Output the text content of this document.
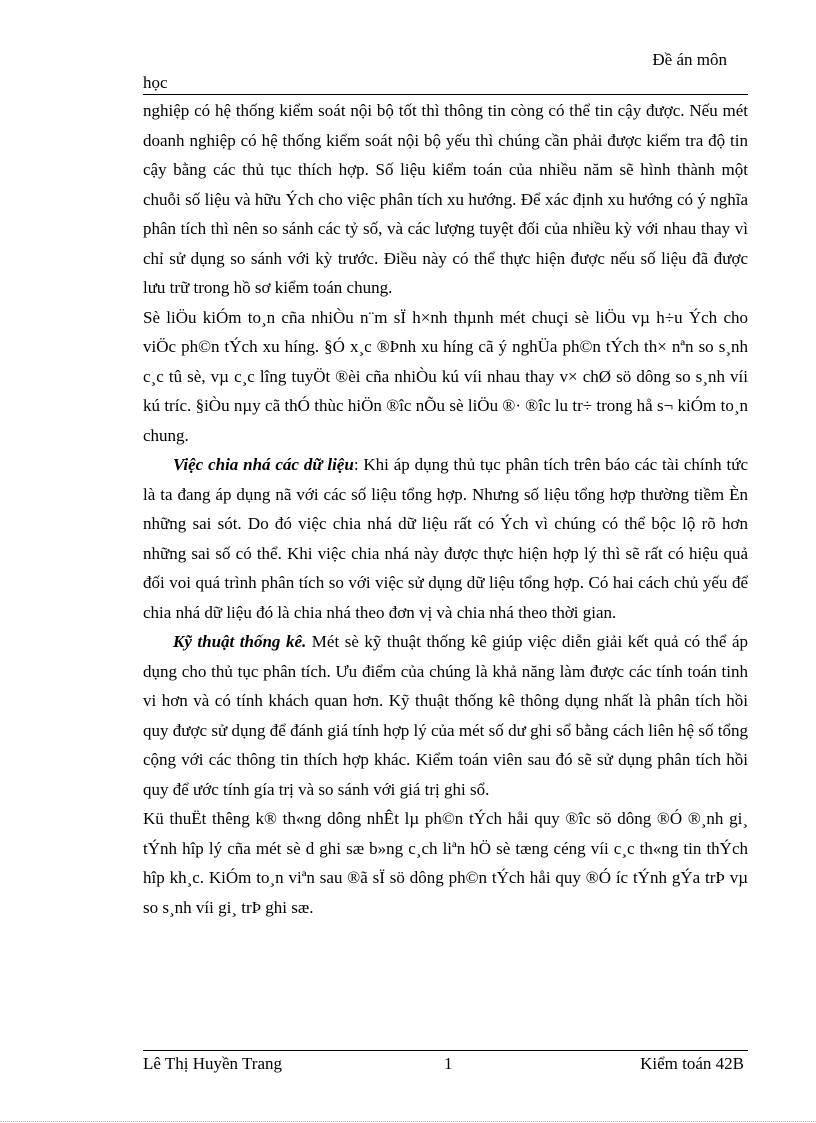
Đề án môn
học

nghiệp có hệ thống kiểm soát nội bộ tốt thì thông tin còng có thể tin cậy được. Nếu mét doanh nghiệp có hệ thống kiểm soát nội bộ yếu thì chúng cần phải được kiểm tra độ tin cậy bằng các thủ tục thích hợp. Số liệu kiểm toán của nhiều năm sẽ hình thành một chuỗi số liệu và hữu Ých cho việc phân tích xu hướng. Để xác định xu hướng có ý nghĩa phân tích thì nên so sánh các tỷ số, và các lượng tuyệt đối của nhiều kỳ với nhau thay vì chỉ sử dụng so sánh với kỳ trước. Điều này có thể thực hiện được nếu số liệu đã được lưu trữ trong hồ sơ kiểm toán chung.

Sè liÖu kiÓm to¸n cña nhiÒu n¨m sÏ h×nh thµnh mét chuçi sè liÖu vµ h÷u Ých cho viÖc ph©n tÝch xu híng. §Ó x¸c ®Þnh xu híng cã ý nghÜa ph©n tÝch th× nªn so s¸nh c¸c tû sè, vµ c¸c lîng tuyÖt ®èi cña nhiÒu kú víi nhau thay v× chØ sö dông so s¸nh víi kú tríc. §iÒu nµy cã thÓ thùc hiÖn ®îc nÕu sè liÖu ®· ®îc lu tr÷ trong hå s¬ kiÓm to¸n chung.

Việc chia nhá các dữ liệu: Khi áp dụng thủ tục phân tích trên báo các tài chính tức là ta đang áp dụng nã với các số liệu tổng hợp. Nhưng số liệu tổng hợp thường tiềm Èn những sai sót. Do đó việc chia nhá dữ liệu rất có Ých vì chúng có thể bộc lộ rõ hơn những sai số có thể. Khi việc chia nhá này được thực hiện hợp lý thì sẽ rất có hiệu quả đối voi quá trình phân tích so với việc sử dụng dữ liệu tổng hợp. Có hai cách chủ yếu để chia nhá dữ liệu đó là chia nhá theo đơn vị và chia nhá theo thời gian.

Kỹ thuật thống kê. Mét sè kỹ thuật thống kê giúp việc diễn giải kết quả có thể áp dụng cho thủ tục phân tích. Ưu điểm của chúng là khả năng làm được các tính toán tinh vi hơn và có tính khách quan hơn. Kỹ thuật thống kê thông dụng nhất là phân tích hồi quy được sử dụng để đánh giá tính hợp lý của mét số dư ghi sổ bằng cách liên hệ số tổng cộng với các thông tin thích hợp khác. Kiểm toán viên sau đó sẽ sử dụng phân tích hồi quy để ước tính gía trị và so sánh với giá trị ghi sổ.

Kü thuËt thêng k® th«ng dông nhÊt lµ ph©n tÝch håi quy ®îc sö dông ®Ó ®¸nh gi¸ tÝnh hîp lý cña mét sè d ghi sæ b»ng c¸ch liªn hÖ sè tæng céng víi c¸c th«ng tin thÝch hîp kh¸c. KiÓm to¸n viªn sau ®ã sÏ sö dông ph©n tÝch håi quy ®Ó íc tÝnh gÝa trÞ vµ so s¸nh víi gi¸ trÞ ghi sæ.

Lê Thị Huyền Trang	1	Kiểm toán 42B
